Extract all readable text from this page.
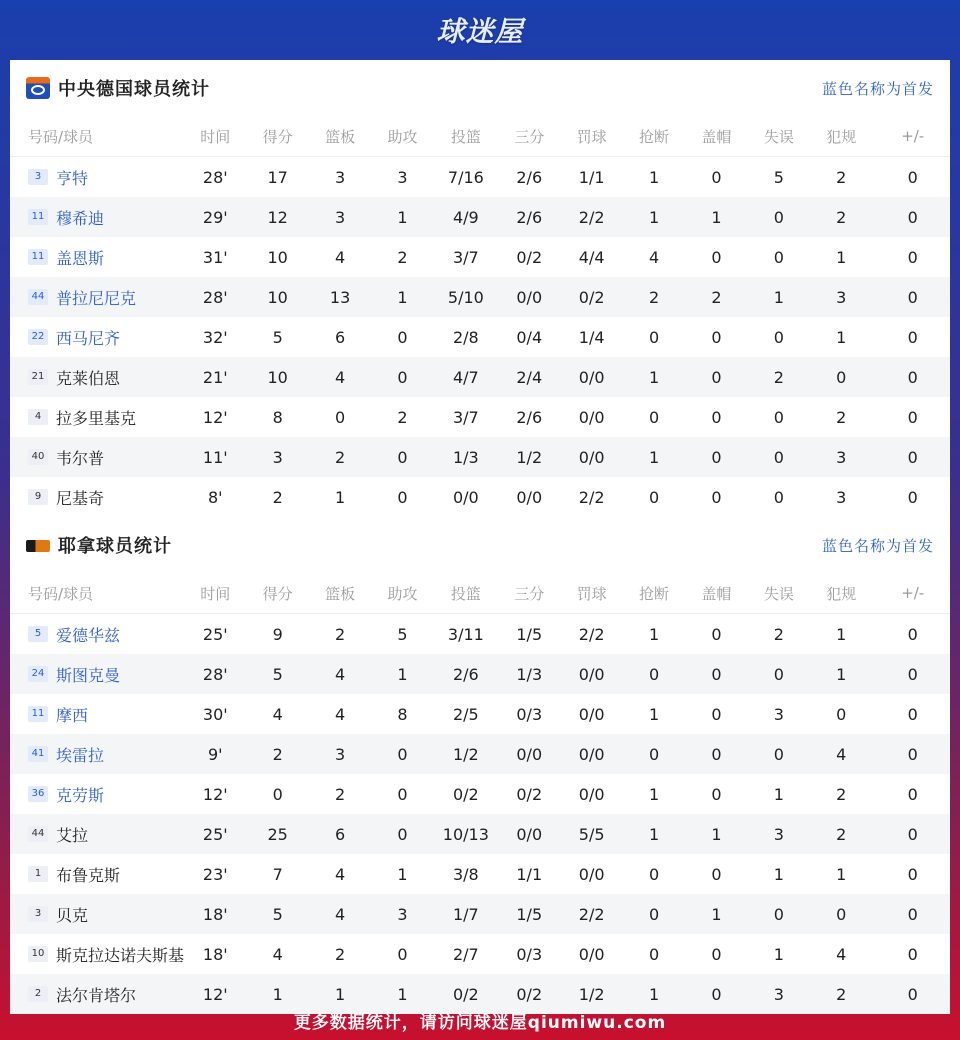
球迷屋
中央德国球员统计	蓝色名称为首发
号码/球员	时间	得分	篮板	助攻	投篮	三分	罚球	抢断	盖帽	失误	犯规	+/-
3 亨特	28'	17	3	3	7/16	2/6	1/1	1	0	5	2	0
11 穆希迪	29'	12	3	1	4/9	2/6	2/2	1	1	0	2	0
11 盖恩斯	31'	10	4	2	3/7	0/2	4/4	4	0	0	1	0
44 普拉尼尼克	28'	10	13	1	5/10	0/0	0/2	2	2	1	3	0
22 西马尼齐	32'	5	6	0	2/8	0/4	1/4	0	0	0	1	0
21 克莱伯恩	21'	10	4	0	4/7	2/4	0/0	1	0	2	0	0
4 拉多里基克	12'	8	0	2	3/7	2/6	0/0	0	0	0	2	0
40 韦尔普	11'	3	2	0	1/3	1/2	0/0	1	0	0	3	0
9 尼基奇	8'	2	1	0	0/0	0/0	2/2	0	0	0	3	0
耶拿球员统计	蓝色名称为首发
号码/球员	时间	得分	篮板	助攻	投篮	三分	罚球	抢断	盖帽	失误	犯规	+/-
5 爱德华兹	25'	9	2	5	3/11	1/5	2/2	1	0	2	1	0
24 斯图克曼	28'	5	4	1	2/6	1/3	0/0	0	0	0	1	0
11 摩西	30'	4	4	8	2/5	0/3	0/0	1	0	3	0	0
41 埃雷拉	9'	2	3	0	1/2	0/0	0/0	0	0	0	4	0
36 克劳斯	12'	0	2	0	0/2	0/2	0/0	1	0	1	2	0
44 艾拉	25'	25	6	0	10/13	0/0	5/5	1	1	3	2	0
1 布鲁克斯	23'	7	4	1	3/8	1/1	0/0	0	0	1	1	0
3 贝克	18'	5	4	3	1/7	1/5	2/2	0	1	0	0	0
10 斯克拉达诺夫斯基	18'	4	2	0	2/7	0/3	0/0	0	0	1	4	0
2 法尔肯塔尔	12'	1	1	1	0/2	0/2	1/2	1	0	3	2	0
更多数据统计，请访问球迷屋qiumiwu.com
